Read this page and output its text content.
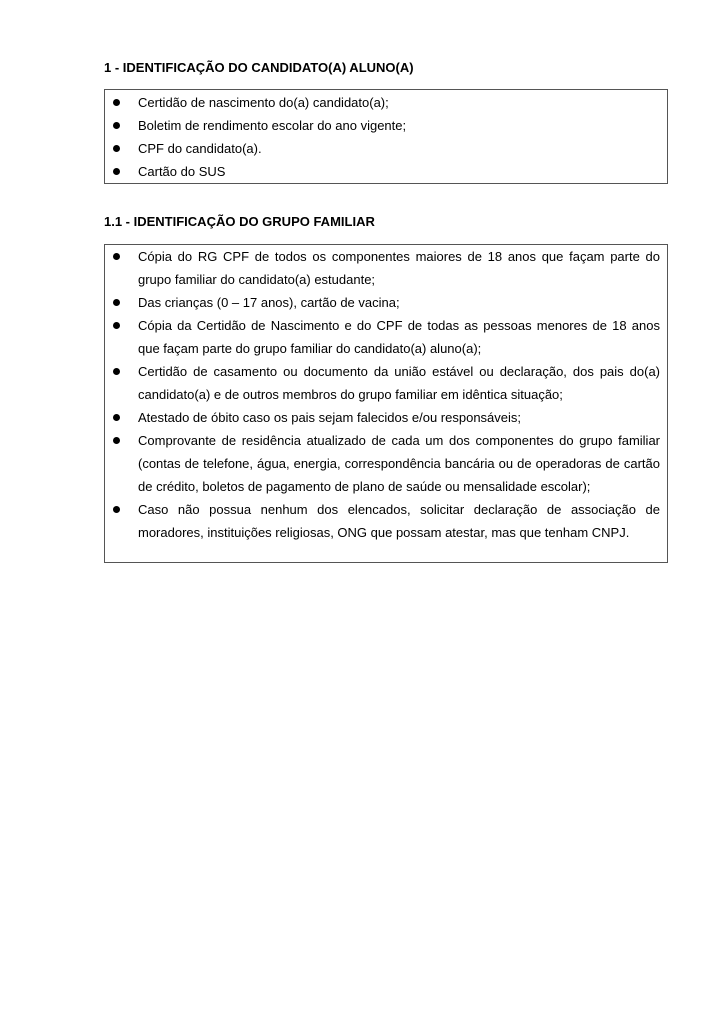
1 - IDENTIFICAÇÃO DO CANDIDATO(A) ALUNO(A)
Certidão de nascimento do(a) candidato(a);
Boletim de rendimento escolar do ano vigente;
CPF do candidato(a).
Cartão do SUS
1.1 - IDENTIFICAÇÃO DO GRUPO FAMILIAR
Cópia do RG CPF de todos os componentes maiores de 18 anos que façam parte do grupo familiar do candidato(a) estudante;
Das crianças (0 – 17 anos), cartão de vacina;
Cópia da Certidão de Nascimento e do CPF de todas as pessoas menores de 18 anos que façam parte do grupo familiar do candidato(a) aluno(a);
Certidão de casamento ou documento da união estável ou declaração, dos pais do(a) candidato(a) e de outros membros do grupo familiar em idêntica situação;
Atestado de óbito caso os pais sejam falecidos e/ou responsáveis;
Comprovante de residência atualizado de cada um dos componentes do grupo familiar (contas de telefone, água, energia, correspondência bancária ou de operadoras de cartão de crédito, boletos de pagamento de plano de saúde ou mensalidade escolar);
Caso não possua nenhum dos elencados, solicitar declaração de associação de moradores, instituições religiosas, ONG que possam atestar, mas que tenham CNPJ.
